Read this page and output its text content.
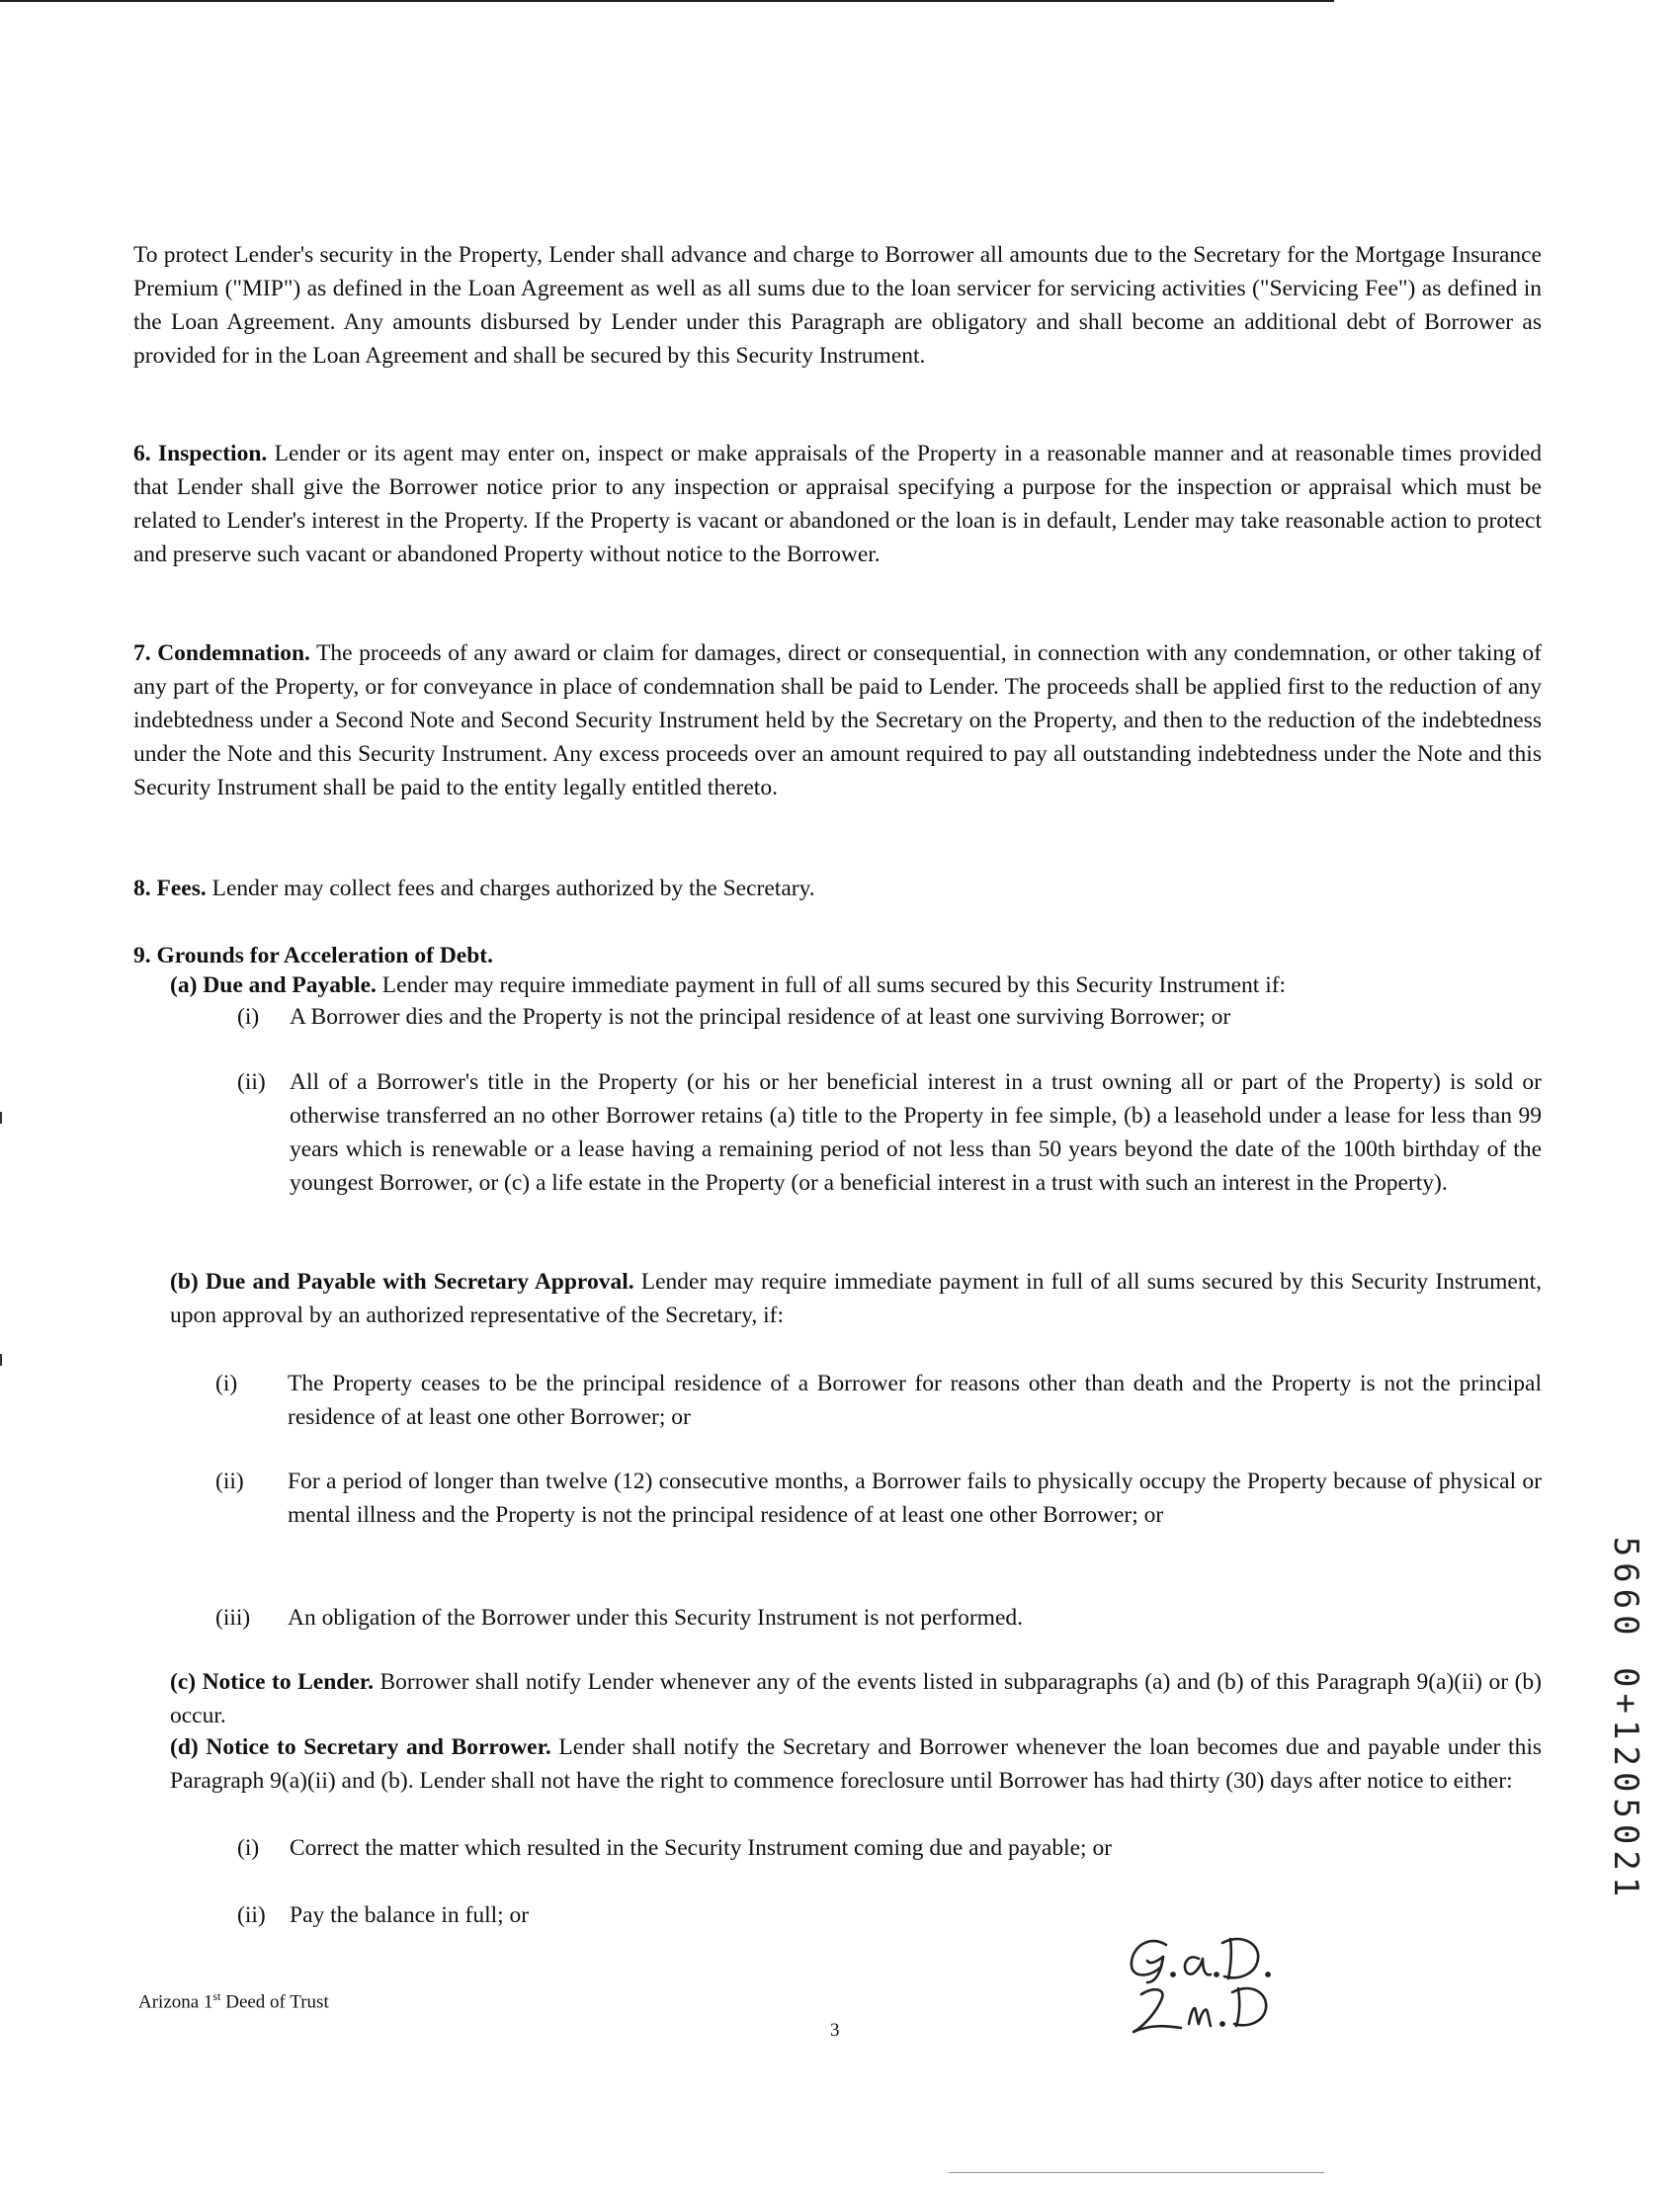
To protect Lender's security in the Property, Lender shall advance and charge to Borrower all amounts due to the Secretary for the Mortgage Insurance Premium ("MIP") as defined in the Loan Agreement as well as all sums due to the loan servicer for servicing activities ("Servicing Fee") as defined in the Loan Agreement. Any amounts disbursed by Lender under this Paragraph are obligatory and shall become an additional debt of Borrower as provided for in the Loan Agreement and shall be secured by this Security Instrument.

6. Inspection. Lender or its agent may enter on, inspect or make appraisals of the Property in a reasonable manner and at reasonable times provided that Lender shall give the Borrower notice prior to any inspection or appraisal specifying a purpose for the inspection or appraisal which must be related to Lender's interest in the Property. If the Property is vacant or abandoned or the loan is in default, Lender may take reasonable action to protect and preserve such vacant or abandoned Property without notice to the Borrower.

7. Condemnation. The proceeds of any award or claim for damages, direct or consequential, in connection with any condemnation, or other taking of any part of the Property, or for conveyance in place of condemnation shall be paid to Lender. The proceeds shall be applied first to the reduction of any indebtedness under a Second Note and Second Security Instrument held by the Secretary on the Property, and then to the reduction of the indebtedness under the Note and this Security Instrument. Any excess proceeds over an amount required to pay all outstanding indebtedness under the Note and this Security Instrument shall be paid to the entity legally entitled thereto.

8. Fees. Lender may collect fees and charges authorized by the Secretary.

9. Grounds for Acceleration of Debt.

(a) Due and Payable. Lender may require immediate payment in full of all sums secured by this Security Instrument if:

(i) A Borrower dies and the Property is not the principal residence of at least one surviving Borrower; or
(ii) All of a Borrower's title in the Property (or his or her beneficial interest in a trust owning all or part of the Property) is sold or otherwise transferred an no other Borrower retains (a) title to the Property in fee simple, (b) a leasehold under a lease for less than 99 years which is renewable or a lease having a remaining period of not less than 50 years beyond the date of the 100th birthday of the youngest Borrower, or (c) a life estate in the Property (or a beneficial interest in a trust with such an interest in the Property).

(b) Due and Payable with Secretary Approval. Lender may require immediate payment in full of all sums secured by this Security Instrument, upon approval by an authorized representative of the Secretary, if:

(i) The Property ceases to be the principal residence of a Borrower for reasons other than death and the Property is not the principal residence of at least one other Borrower; or
(ii) For a period of longer than twelve (12) consecutive months, a Borrower fails to physically occupy the Property because of physical or mental illness and the Property is not the principal residence of at least one other Borrower; or
(iii) An obligation of the Borrower under this Security Instrument is not performed.

(c) Notice to Lender. Borrower shall notify Lender whenever any of the events listed in subparagraphs (a) and (b) of this Paragraph 9(a)(ii) or (b) occur.

(d) Notice to Secretary and Borrower. Lender shall notify the Secretary and Borrower whenever the loan becomes due and payable under this Paragraph 9(a)(ii) and (b). Lender shall not have the right to commence foreclosure until Borrower has had thirty (30) days after notice to either:

(i) Correct the matter which resulted in the Security Instrument coming due and payable; or
(ii) Pay the balance in full; or
Arizona 1st Deed of Trust
3
5660 0+1205021
